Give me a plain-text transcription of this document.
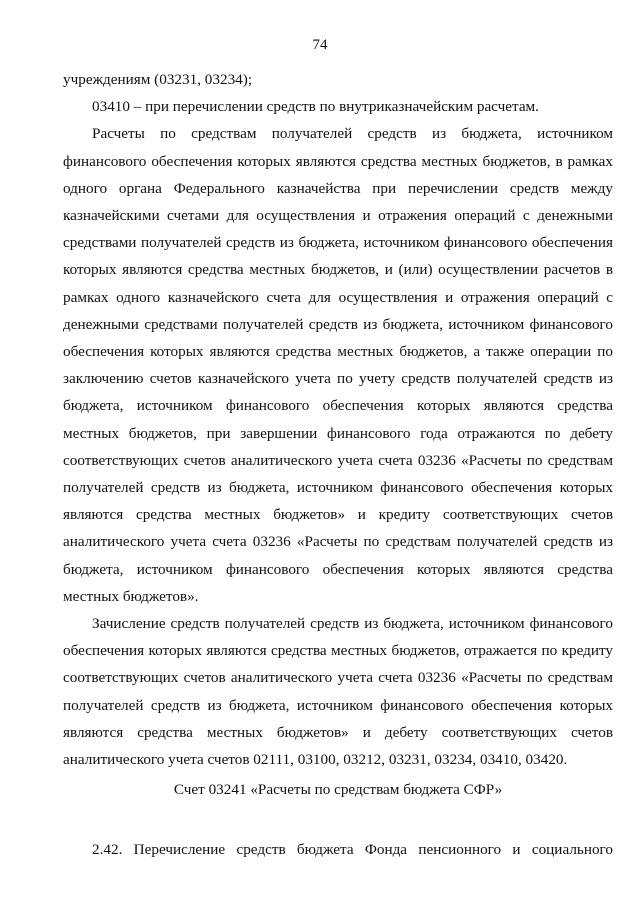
74

учреждениям (03231, 03234);

03410 – при перечислении средств по внутриказначейским расчетам.

Расчеты по средствам получателей средств из бюджета, источником финансового обеспечения которых являются средства местных бюджетов, в рамках одного органа Федерального казначейства при перечислении средств между казначейскими счетами для осуществления и отражения операций с денежными средствами получателей средств из бюджета, источником финансового обеспечения которых являются средства местных бюджетов, и (или) осуществлении расчетов в рамках одного казначейского счета для осуществления и отражения операций с денежными средствами получателей средств из бюджета, источником финансового обеспечения которых являются средства местных бюджетов, а также операции по заключению счетов казначейского учета по учету средств получателей средств из бюджета, источником финансового обеспечения которых являются средства местных бюджетов, при завершении финансового года отражаются по дебету соответствующих счетов аналитического учета счета 03236 «Расчеты по средствам получателей средств из бюджета, источником финансового обеспечения которых являются средства местных бюджетов» и кредиту соответствующих счетов аналитического учета счета 03236 «Расчеты по средствам получателей средств из бюджета, источником финансового обеспечения которых являются средства местных бюджетов».

Зачисление средств получателей средств из бюджета, источником финансового обеспечения которых являются средства местных бюджетов, отражается по кредиту соответствующих счетов аналитического учета счета 03236 «Расчеты по средствам получателей средств из бюджета, источником финансового обеспечения которых являются средства местных бюджетов» и дебету соответствующих счетов аналитического учета счетов 02111, 03100, 03212, 03231, 03234, 03410, 03420.

Счет 03241 «Расчеты по средствам бюджета СФР»

2.42. Перечисление средств бюджета Фонда пенсионного и социального
